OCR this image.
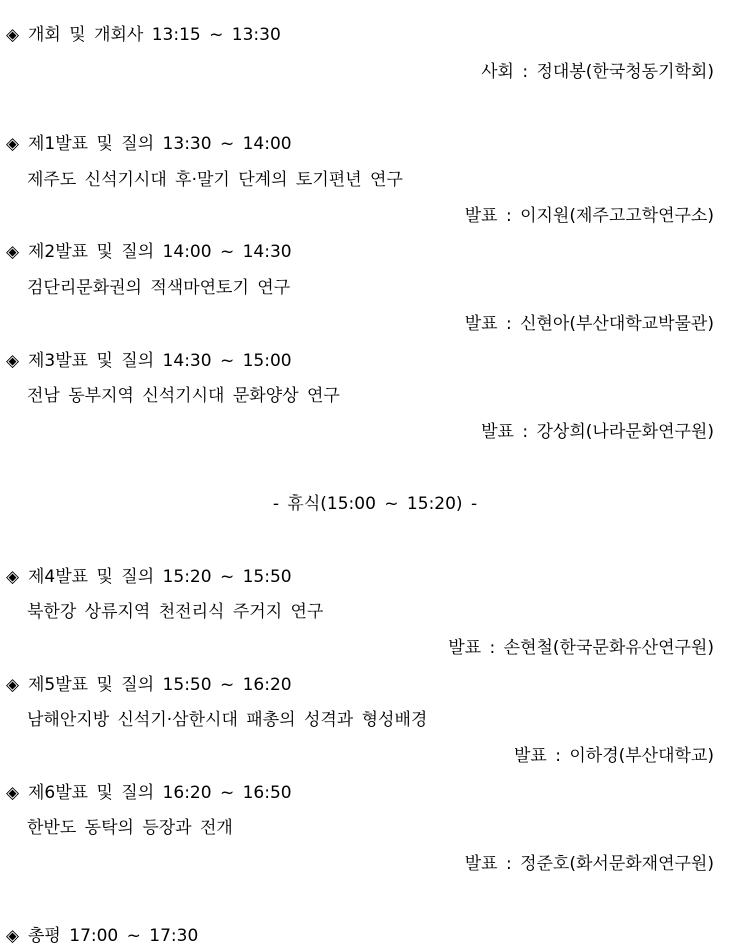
◈ 개회 및 개회사 13:15 ~ 13:30
사회 : 정대봉(한국청동기학회)
◈ 제1발표 및 질의 13:30 ~ 14:00
제주도 신석기시대 후·말기 단계의 토기편년 연구
발표 : 이지원(제주고고학연구소)
◈ 제2발표 및 질의 14:00 ~ 14:30
검단리문화권의 적색마연토기 연구
발표 : 신현아(부산대학교박물관)
◈ 제3발표 및 질의 14:30 ~ 15:00
전남 동부지역 신석기시대 문화양상 연구
발표 : 강상희(나라문화연구원)
- 휴식(15:00 ~ 15:20) -
◈ 제4발표 및 질의 15:20 ~ 15:50
북한강 상류지역 천전리식 주거지 연구
발표 : 손현철(한국문화유산연구원)
◈ 제5발표 및 질의 15:50 ~ 16:20
남해안지방 신석기·삼한시대 패총의 성격과 형성배경
발표 : 이하경(부산대학교)
◈ 제6발표 및 질의 16:20 ~ 16:50
한반도 동탁의 등장과 전개
발표 : 정준호(화서문화재연구원)
◈ 총평 17:00 ~ 17:30
